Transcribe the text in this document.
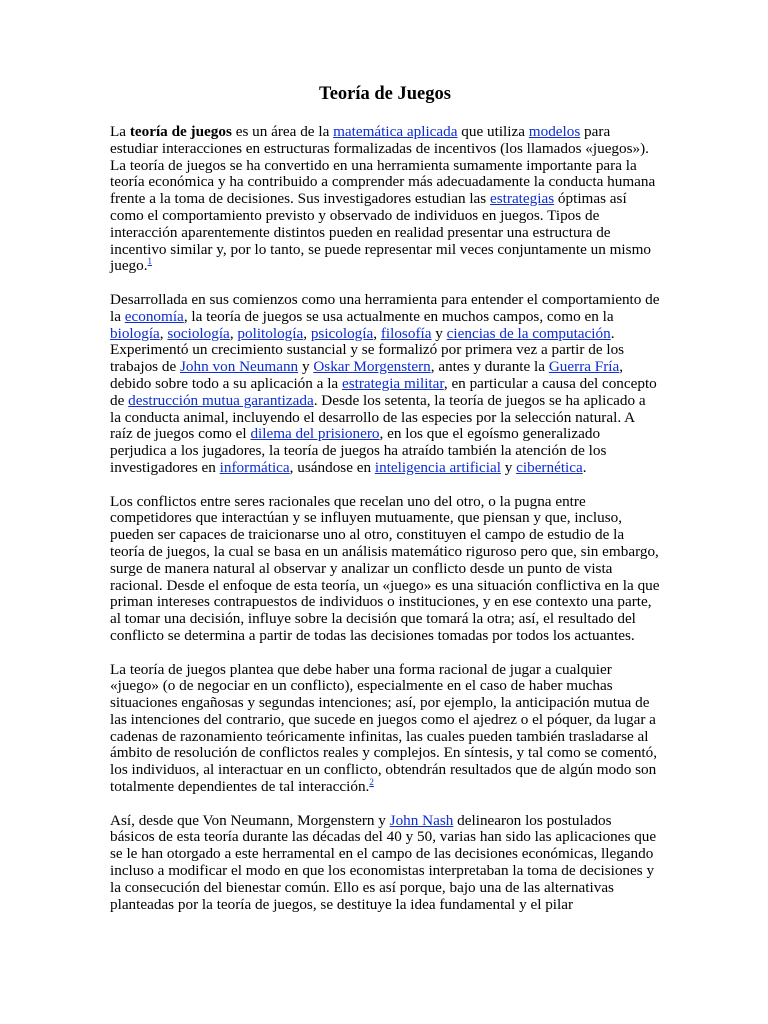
Teoría de Juegos

La teoría de juegos es un área de la matemática aplicada que utiliza modelos para estudiar interacciones en estructuras formalizadas de incentivos (los llamados «juegos»). La teoría de juegos se ha convertido en una herramienta sumamente importante para la teoría económica y ha contribuido a comprender más adecuadamente la conducta humana frente a la toma de decisiones. Sus investigadores estudian las estrategias óptimas así como el comportamiento previsto y observado de individuos en juegos. Tipos de interacción aparentemente distintos pueden en realidad presentar una estructura de incentivo similar y, por lo tanto, se puede representar mil veces conjuntamente un mismo juego.$^1$

Desarrollada en sus comienzos como una herramienta para entender el comportamiento de la economía, la teoría de juegos se usa actualmente en muchos campos, como en la biología, sociología, politología, psicología, filosofía y ciencias de la computación. Experimentó un crecimiento sustancial y se formalizó por primera vez a partir de los trabajos de John von Neumann y Oskar Morgenstern, antes y durante la Guerra Fría, debido sobre todo a su aplicación a la estrategia militar, en particular a causa del concepto de destrucción mutua garantizada. Desde los setenta, la teoría de juegos se ha aplicado a la conducta animal, incluyendo el desarrollo de las especies por la selección natural. A raíz de juegos como el dilema del prisionero, en los que el egoísmo generalizado perjudica a los jugadores, la teoría de juegos ha atraído también la atención de los investigadores en informática, usándose en inteligencia artificial y cibernética.

Los conflictos entre seres racionales que recelan uno del otro, o la pugna entre competidores que interactúan y se influyen mutuamente, que piensan y que, incluso, pueden ser capaces de traicionarse uno al otro, constituyen el campo de estudio de la teoría de juegos, la cual se basa en un análisis matemático riguroso pero que, sin embargo, surge de manera natural al observar y analizar un conflicto desde un punto de vista racional. Desde el enfoque de esta teoría, un «juego» es una situación conflictiva en la que priman intereses contrapuestos de individuos o instituciones, y en ese contexto una parte, al tomar una decisión, influye sobre la decisión que tomará la otra; así, el resultado del conflicto se determina a partir de todas las decisiones tomadas por todos los actuantes.

La teoría de juegos plantea que debe haber una forma racional de jugar a cualquier «juego» (o de negociar en un conflicto), especialmente en el caso de haber muchas situaciones engañosas y segundas intenciones; así, por ejemplo, la anticipación mutua de las intenciones del contrario, que sucede en juegos como el ajedrez o el póquer, da lugar a cadenas de razonamiento teóricamente infinitas, las cuales pueden también trasladarse al ámbito de resolución de conflictos reales y complejos. En síntesis, y tal como se comentó, los individuos, al interactuar en un conflicto, obtendrán resultados que de algún modo son totalmente dependientes de tal interacción.$^2$

Así, desde que Von Neumann, Morgenstern y John Nash delinearon los postulados básicos de esta teoría durante las décadas del 40 y 50, varias han sido las aplicaciones que se le han otorgado a este herramental en el campo de las decisiones económicas, llegando incluso a modificar el modo en que los economistas interpretaban la toma de decisiones y la consecución del bienestar común. Ello es así porque, bajo una de las alternativas planteadas por la teoría de juegos, se destituye la idea fundamental y el pilar
